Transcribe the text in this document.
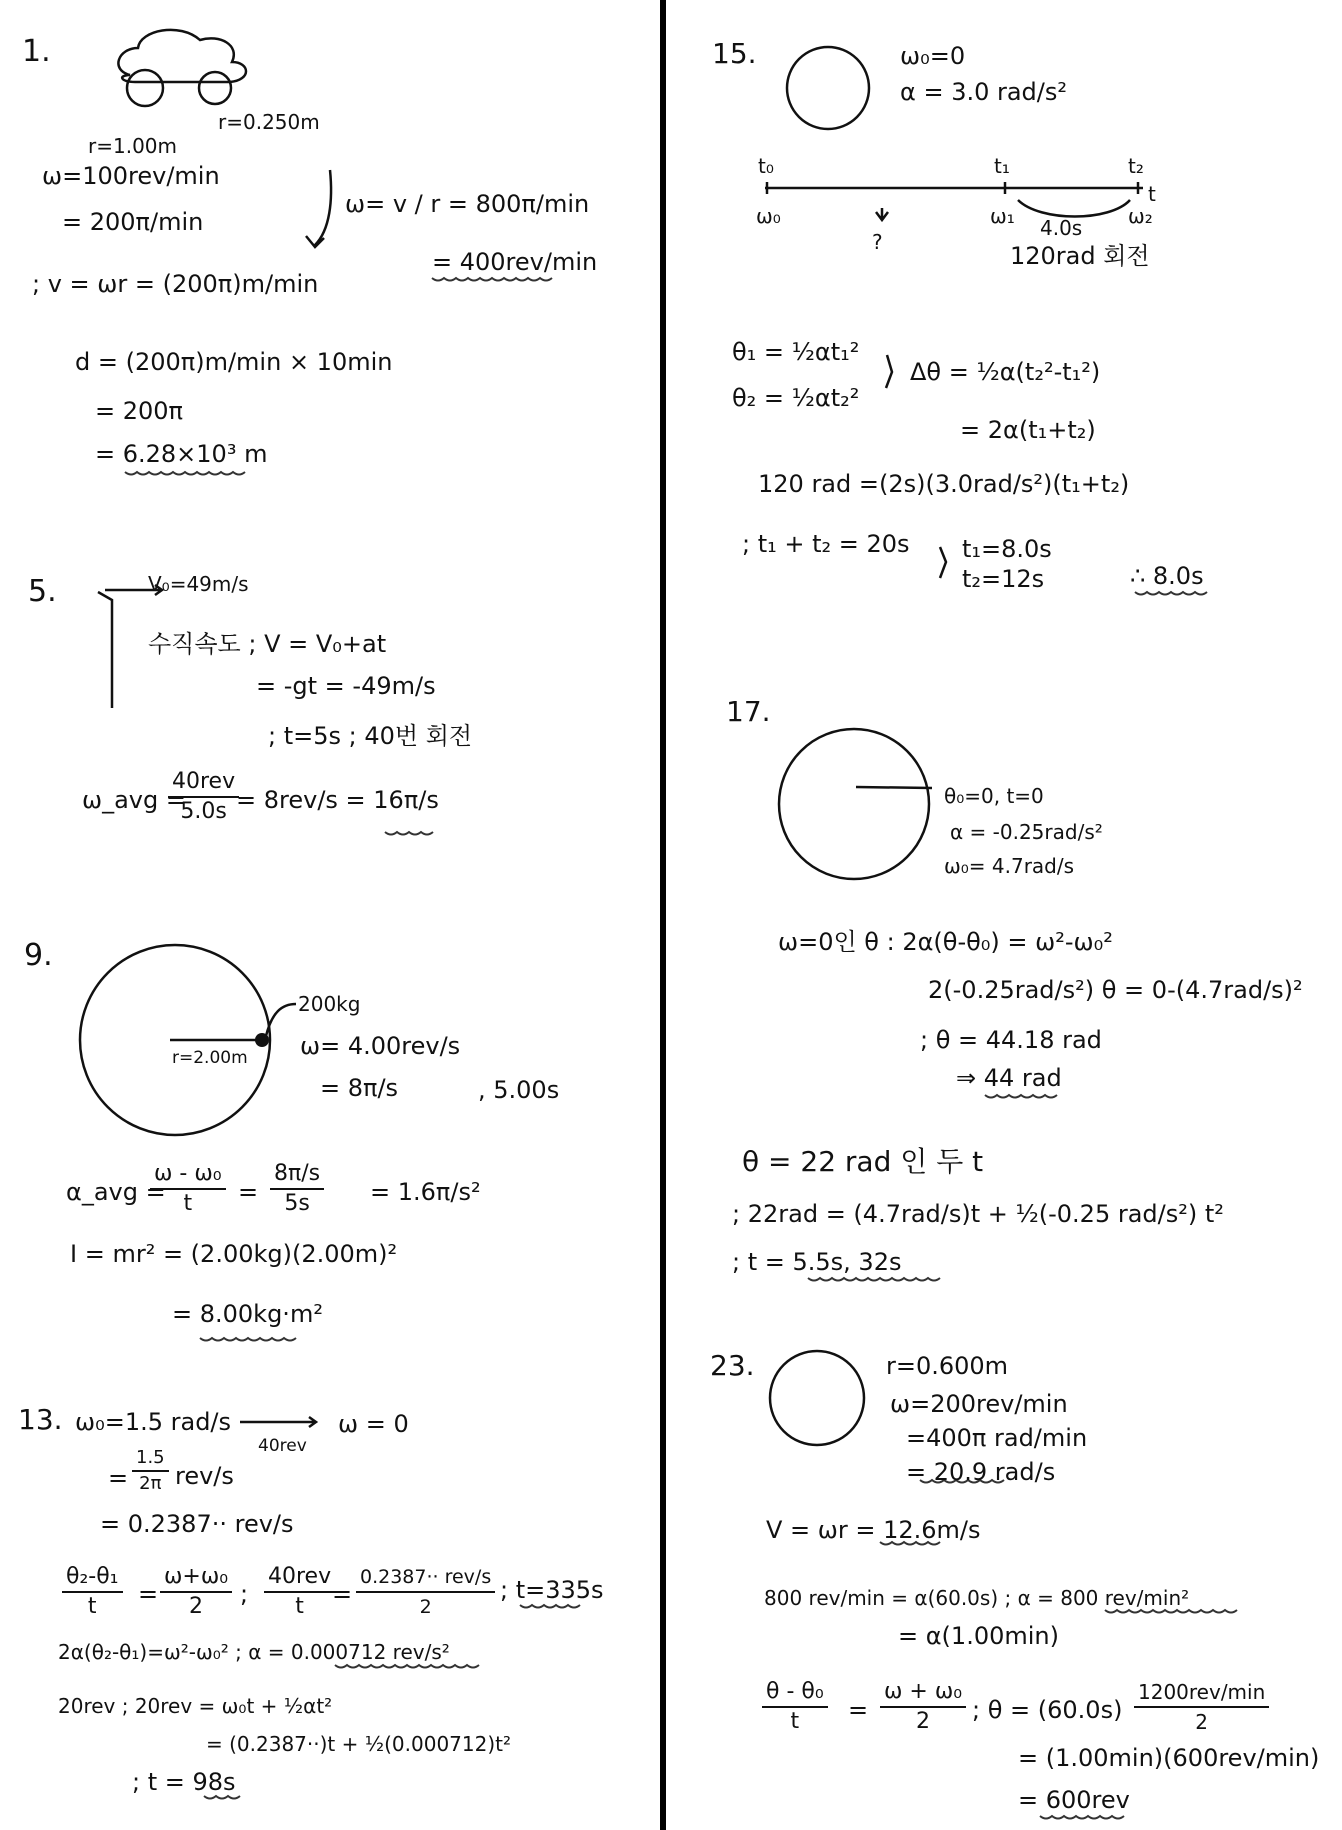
1.
r=0.250m
r=1.00m
ω=100rev/min
= 200π/min
ω= v / r = 800π/min
= 400rev/min
; v = ωr = (200π)m/min
d = (200π)m/min × 10min
= 200π
= 6.28×10³ m
5.	V₀=49m/s
수직속도 ; V = V₀+at
= -gt = -49m/s
; t=5s ; 40번 회전
ω_avg =
40rev
5.0s = 8rev/s = 16π/s
9.
200kg
r=2.00m ω= 4.00rev/s
= 8π/s	, 5.00s
α_avg =
$\frac{\text{ω - ω₀}}{t} = \frac{8\pi/s}{5s} = 1.6\pi/s^2$
I = mr² = (2.00kg)(2.00m)²
= 8.00kg·m²
13. ω₀=1.5 rad/s
40rev
ω = 0
= $\frac{1.5}{2\pi} rev/s$
= 0.2387·· rev/s
$\frac{\text{θ₂-θ₁}}{t} = \frac{\text{ω+ω₀}}{2}$ ;
40rev
t =
0.2387·· rev/s
2
; t=335s
2α(θ₂-θ₁)=ω²-ω₀² ; α = 0.000712 rev/s²
20rev ; 20rev = ω₀t + ½αt²
= (0.2387··)t + ½(0.000712)t²
; t = 98s
15.	ω₀=0
α = 3.0 rad/s²
t₀	t₁	t₂
t
ω₀	ω₁	ω₂
?
4.0s
120rad 회전
θ₁ = ½αt₁²
θ₂ = ½αt₂²
Δθ = ½α(t₂²-t₁²)
= 2α(t₁+t₂)
120 rad =(2s)(3.0rad/s²)(t₁+t₂)
; t₁ + t₂ = 20s t₁=8.0s
t₂=12s	∴ 8.0s
17.
θ₀=0, t=0
α = -0.25rad/s²
ω₀= 4.7rad/s
ω=0인 θ : 2α(θ-θ₀) = ω²-ω₀²
2(-0.25rad/s²) θ = 0-(4.7rad/s)²
; θ = 44.18 rad
⇒ 44 rad
θ = 22 rad 인 두 t
; 22rad = (4.7rad/s)t + ½(-0.25 rad/s²) t²
; t = 5.5s, 32s
23.	r=0.600m
ω=200rev/min
=400π rad/min
= 20.9 rad/s
V = ωr = 12.6m/s
800 rev/min = α(60.0s) ; α = 800 rev/min²
= α(1.00min)
$\frac{\text{θ - θ₀}}{t} = \frac{\text{ω + ω₀}}{2}$ ; θ = (60.0s)
1200rev/min
2
= (1.00min)(600rev/min)
= 600rev
